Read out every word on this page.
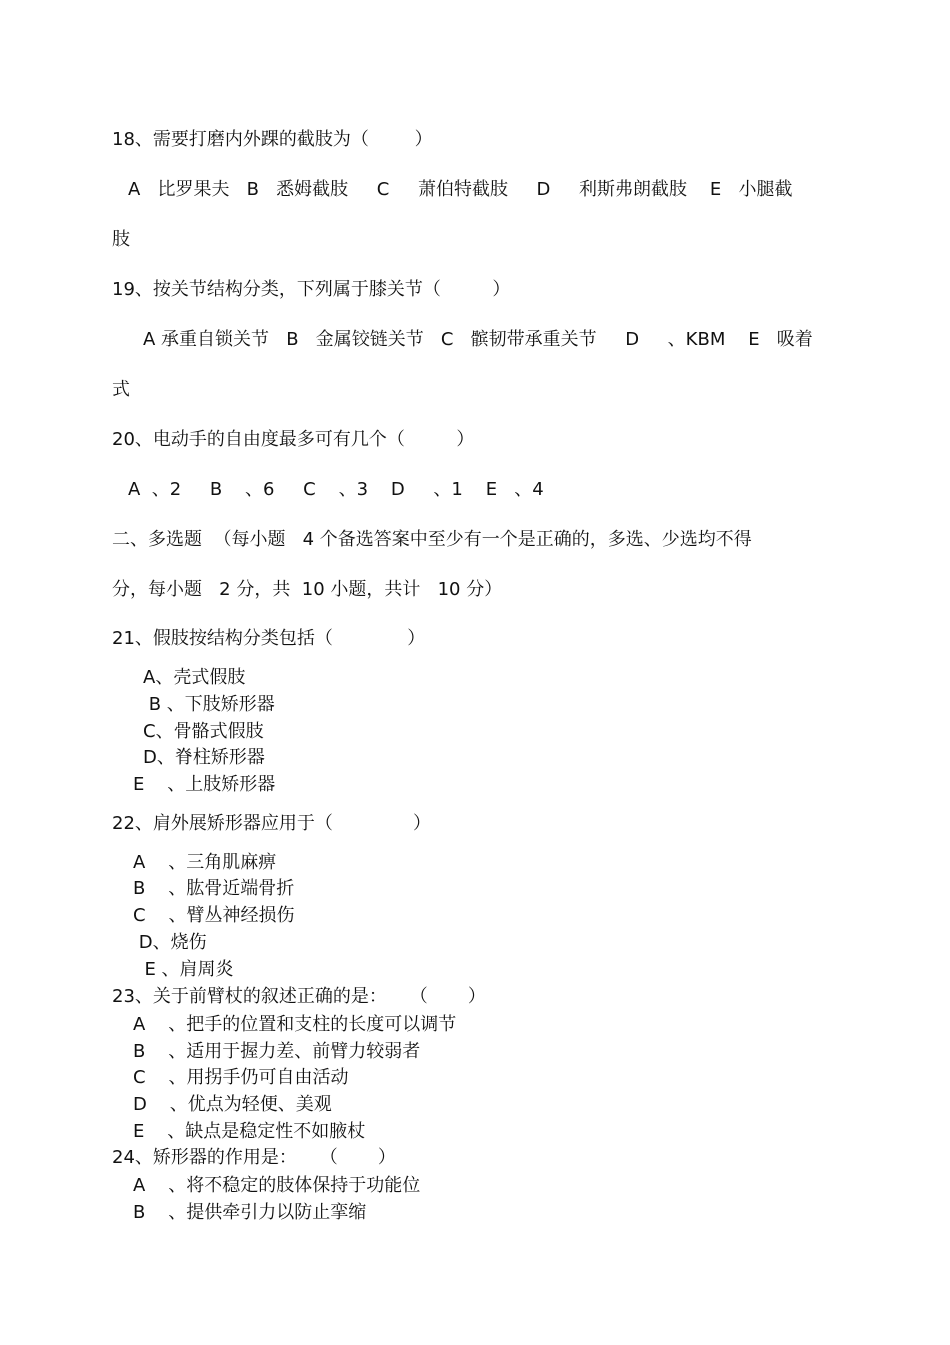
18、需要打磨内外踝的截肢为（        ）

A   比罗果夫   B   悉姆截肢     C     萧伯特截肢     D     利斯弗朗截肢    E   小腿截

肢

19、按关节结构分类，下列属于膝关节（         ）

A 承重自锁关节   B   金属铰链关节   C   髌韧带承重关节     D     、KBM    E   吸着

式

20、电动手的自由度最多可有几个（         ）

A  、2     B    、6     C    、3    D     、1    E   、4

二、多选题  （每小题   4 个备选答案中至少有一个是正确的，多选、少选均不得

分，每小题   2 分，共  10 小题，共计   10 分）

21、假肢按结构分类包括（             ）

A、壳式假肢

B 、下肢矫形器

C、骨骼式假肢

D、脊柱矫形器

E    、上肢矫形器

22、肩外展矫形器应用于（              ）

A    、三角肌麻痹

B    、肱骨近端骨折

C    、臂丛神经损伤

D、烧伤

E 、肩周炎

23、关于前臂杖的叙述正确的是：    （       ）

A    、把手的位置和支柱的长度可以调节

B    、适用于握力差、前臂力较弱者

C    、用拐手仍可自由活动

D    、优点为轻便、美观

E    、缺点是稳定性不如腋杖

24、矫形器的作用是：    （       ）

A    、将不稳定的肢体保持于功能位

B    、提供牵引力以防止挛缩
